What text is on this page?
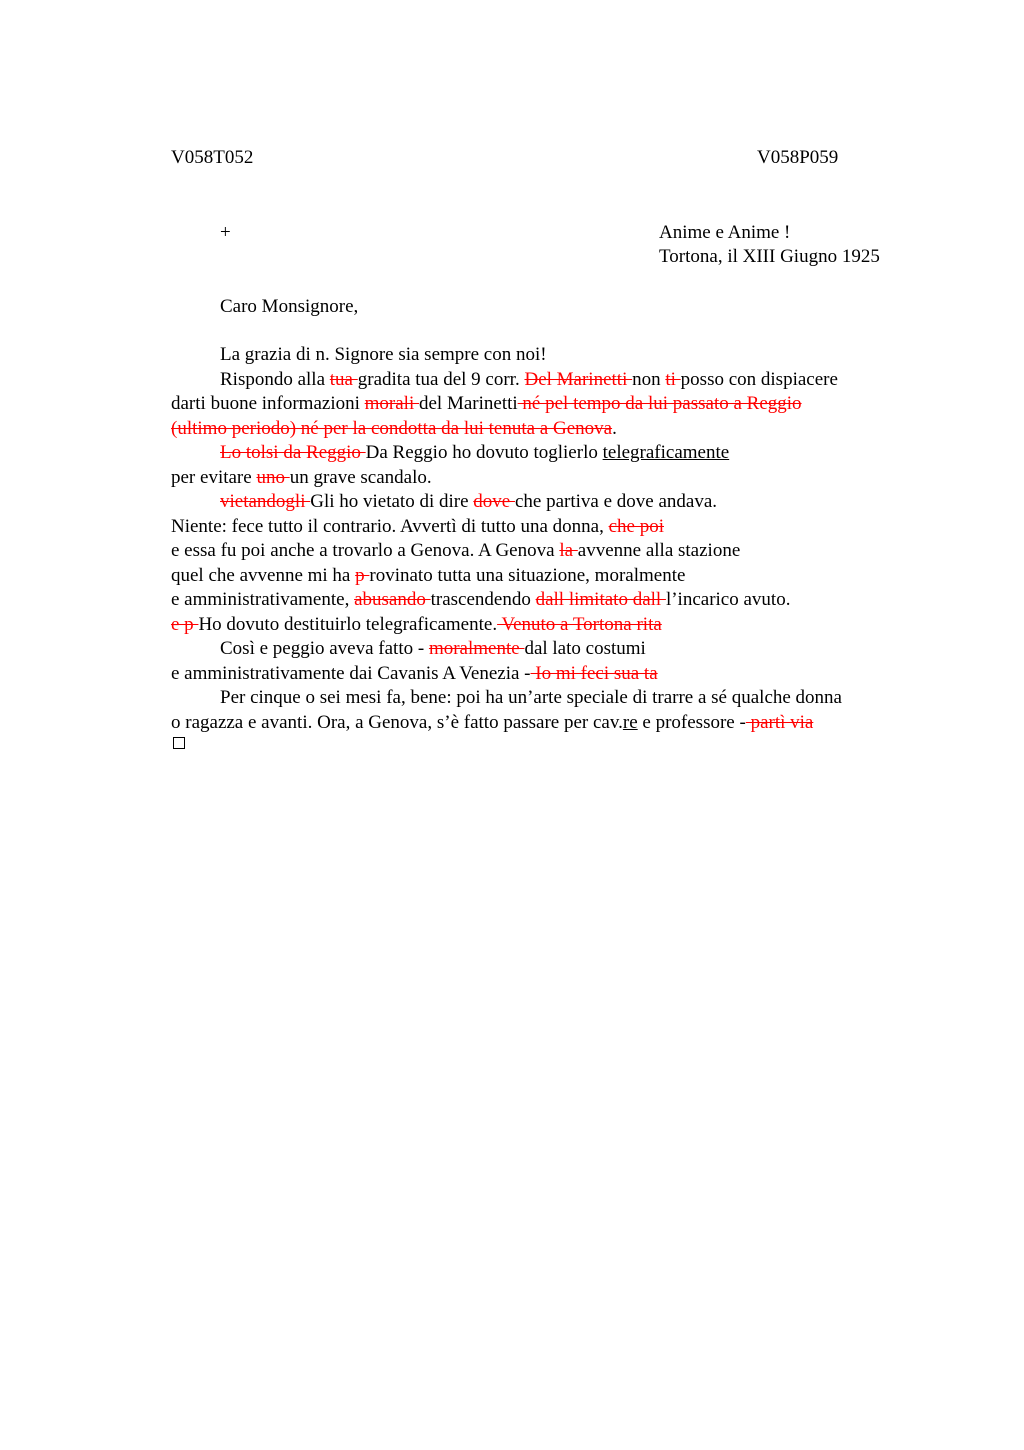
V058T052	V058P059
+	Anime e Anime !
Tortona, il XIII Giugno 1925
Caro Monsignore,
La grazia di n. Signore sia sempre con noi!
Rispondo alla tua gradita tua del 9 corr. Del Marinetti non ti posso con dispiacere
darti buone informazioni morali del Marinetti né pel tempo da lui passato a Reggio
(ultimo periodo) né per la condotta da lui tenuta a Genova.
Lo tolsi da Reggio Da Reggio ho dovuto toglierlo telegraficamente
per evitare uno un grave scandalo.
vietandogli Gli ho vietato di dire dove che partiva e dove andava.
Niente: fece tutto il contrario. Avvertì di tutto una donna, che poi
e essa fu poi anche a trovarlo a Genova. A Genova la avvenne alla stazione
quel che avvenne mi ha p rovinato tutta una situazione, moralmente
e amministrativamente, abusando trascendendo dall limitato dall l’incarico avuto.
e p Ho dovuto destituirlo telegraficamente. Venuto a Tortona rita
Così e peggio aveva fatto - moralmente dal lato costumi
e amministrativamente dai Cavanis A Venezia - Io mi feci sua ta
Per cinque o sei mesi fa, bene: poi ha un’arte speciale di trarre a sé qualche donna
o ragazza e avanti. Ora, a Genova, s’è fatto passare per cav.re e professore - partì via
